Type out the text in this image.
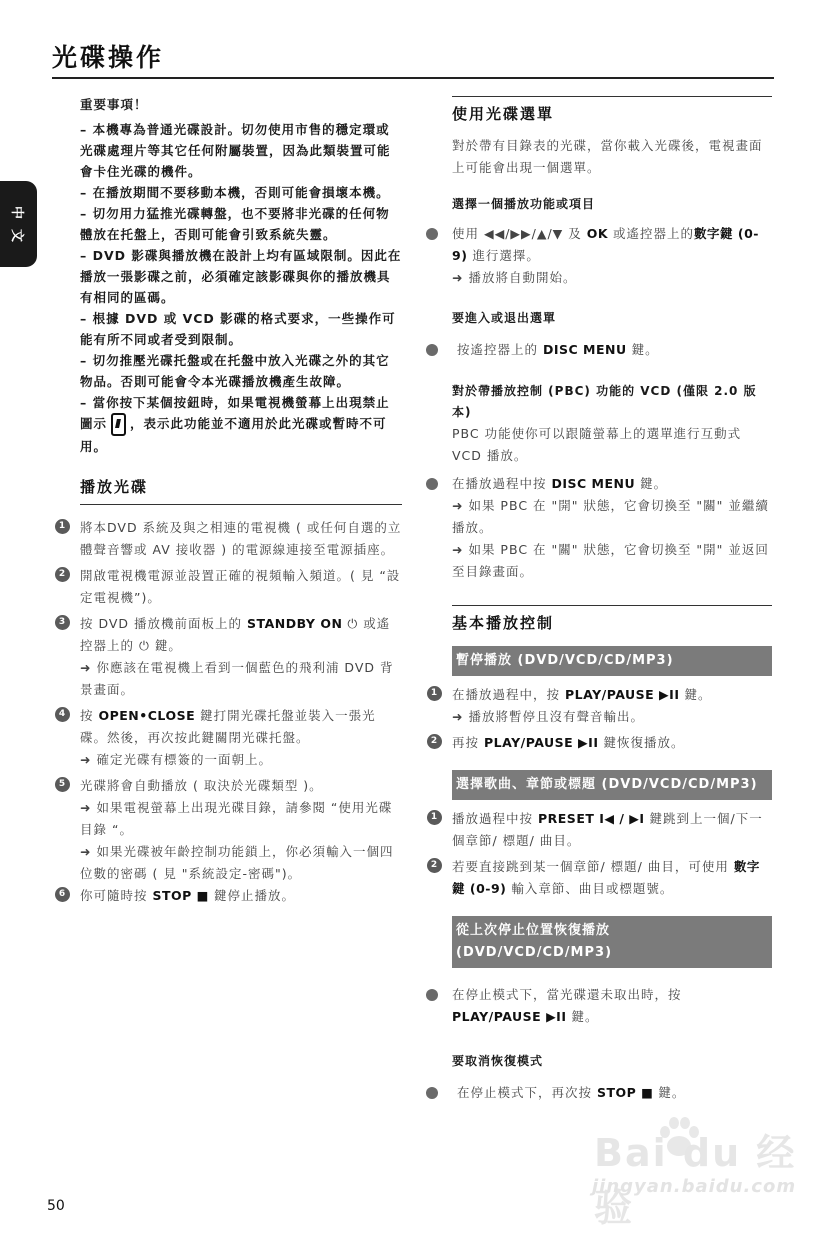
光碟操作
中
文

重要事項！

– 本機專為普通光碟設計。切勿使用市售的穩定環或光碟處理片等其它任何附屬裝置，因為此類裝置可能會卡住光碟的機件。

– 在播放期間不要移動本機，否則可能會損壞本機。

– 切勿用力猛推光碟轉盤，也不要將非光碟的任何物體放在托盤上，否則可能會引致系統失靈。

– DVD 影碟與播放機在設計上均有區域限制。因此在播放一張影碟之前，必須確定該影碟與你的播放機具有相同的區碼。

– 根據 DVD 或 VCD 影碟的格式要求，一些操作可能有所不同或者受到限制。

– 切勿推壓光碟托盤或在托盤中放入光碟之外的其它物品。否則可能會令本光碟播放機產生故障。

– 當你按下某個按鈕時，如果電視機螢幕上出現禁止圖示 ，表示此功能並不適用於此光碟或暫時不可用。

播放光碟

1	將本DVD 系統及與之相連的電視機 ( 或任何自選的立體聲音響或 AV 接收器 ) 的電源線連接至電源插座。

2	開啟電視機電源並設置正確的視頻輸入頻道。( 見 “設定電視機”)。

3	按 DVD 播放機前面板上的 STANDBY ON ⏻ 或遙控器上的 ⏻ 鍵。

➜ 你應該在電視機上看到一個藍色的飛利浦 DVD 背景畫面。

4	按 OPEN•CLOSE 鍵打開光碟托盤並裝入一張光碟。然後，再次按此鍵關閉光碟托盤。

➜ 確定光碟有標簽的一面朝上。

5	光碟將會自動播放 ( 取決於光碟類型 )。

➜ 如果電視螢幕上出現光碟目錄，請參閱 “使用光碟目錄 “。

➜ 如果光碟被年齡控制功能鎖上，你必須輸入一個四位數的密碼 ( 見 "系統設定-密碼")。

6	你可隨時按 STOP ■ 鍵停止播放。

使用光碟選單

對於帶有目錄表的光碟，當你載入光碟後，電視畫面上可能會出現一個選單。

選擇一個播放功能或項目

使用 ◀◀/▶▶/▲/▼ 及 OK 或遙控器上的數字鍵 (0-9) 進行選擇。

➜ 播放將自動開始。

要進入或退出選單

按遙控器上的 DISC MENU 鍵。

對於帶播放控制 (PBC) 功能的 VCD (僅限 2.0 版本)

PBC 功能使你可以跟隨螢幕上的選單進行互動式 VCD 播放。

在播放過程中按 DISC MENU 鍵。

➜ 如果 PBC 在 "開" 狀態，它會切換至 "關" 並繼續播放。

➜ 如果 PBC 在 "關" 狀態，它會切換至 "開" 並返回至目錄畫面。

基本播放控制

暫停播放 (DVD/VCD/CD/MP3)
1	在播放過程中，按 PLAY/PAUSE ▶II 鍵。

➜ 播放將暫停且沒有聲音輸出。

2	再按 PLAY/PAUSE ▶II 鍵恢復播放。

選擇歌曲、章節或標題 (DVD/VCD/CD/MP3)
1	播放過程中按 PRESET I◀ / ▶I 鍵跳到上一個/下一個章節/ 標題/ 曲目。

2	若要直接跳到某一個章節/ 標題/ 曲目，可使用 數字鍵 (0-9) 輸入章節、曲目或標題號。

從上次停止位置恢復播放 (DVD/VCD/CD/MP3)

在停止模式下，當光碟還未取出時，按 PLAY/PAUSE ▶II 鍵。

要取消恢復模式

在停止模式下，再次按 STOP ■ 鍵。

Bai du 经验
jingyan.baidu.com
50
